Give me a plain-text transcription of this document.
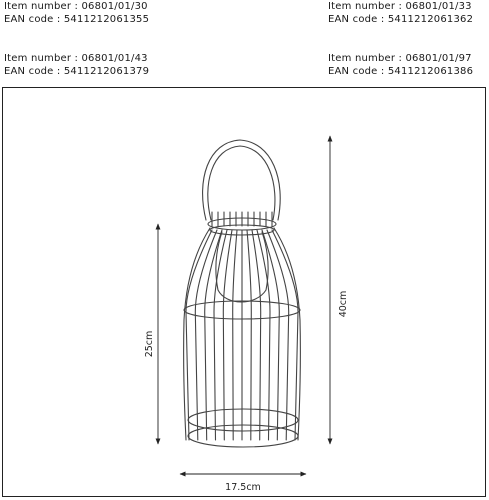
Item number : 06801/01/30
EAN code : 5411212061355
Item number : 06801/01/33
EAN code : 5411212061362
Item number : 06801/01/43
EAN code : 5411212061379
Item number : 06801/01/97
EAN code : 5411212061386
40cm
25cm
17.5cm
